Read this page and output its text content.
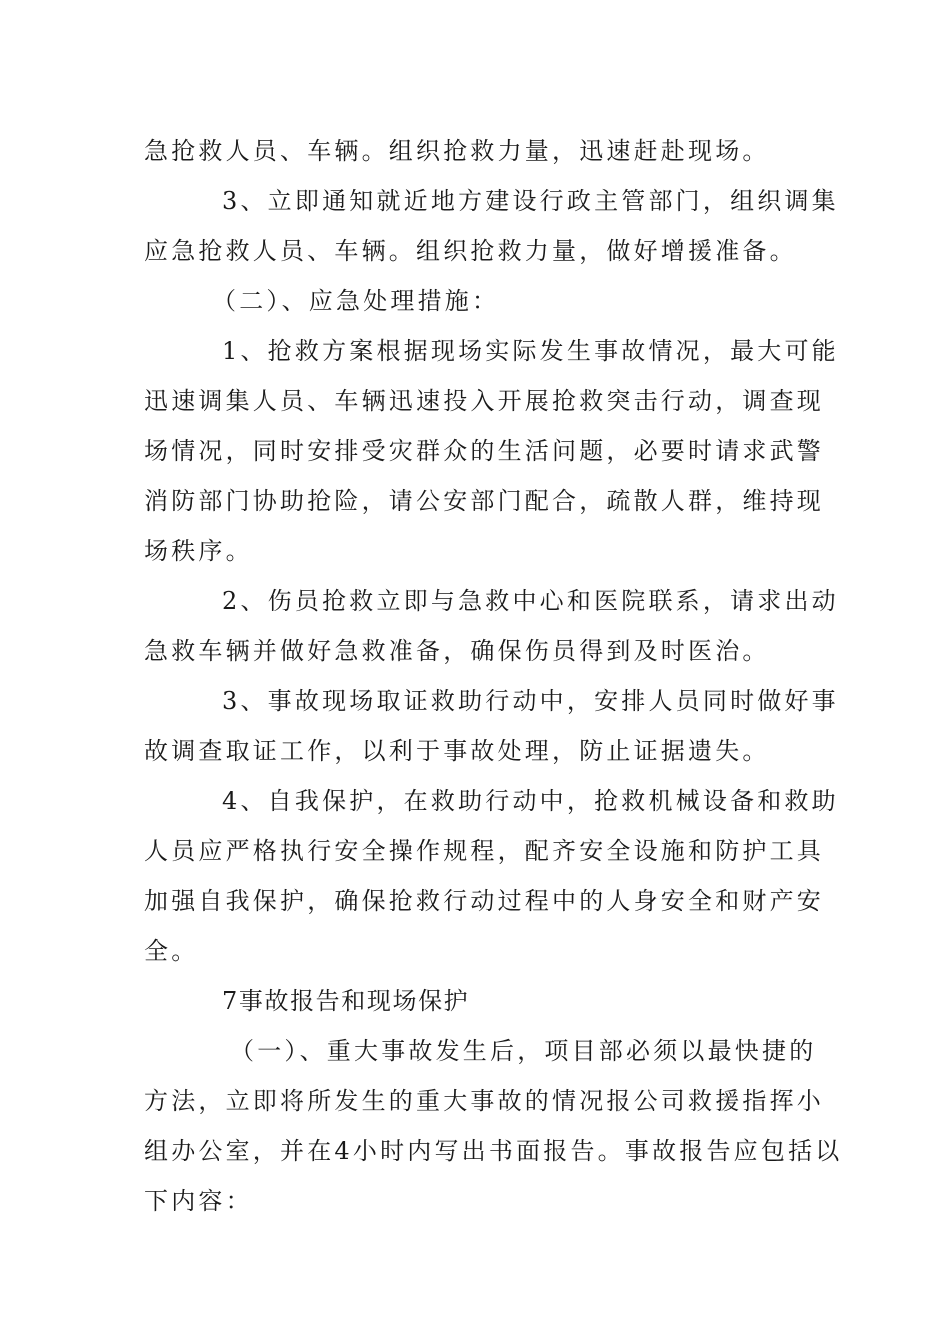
急抢救人员、车辆。组织抢救力量，迅速赶赴现场。
3、立即通知就近地方建设行政主管部门，组织调集
应急抢救人员、车辆。组织抢救力量，做好增援准备。
（二）、应急处理措施：
1、抢救方案根据现场实际发生事故情况，最大可能
迅速调集人员、车辆迅速投入开展抢救突击行动，调查现
场情况，同时安排受灾群众的生活问题，必要时请求武警
消防部门协助抢险，请公安部门配合，疏散人群，维持现
场秩序。
2、伤员抢救立即与急救中心和医院联系，请求出动
急救车辆并做好急救准备，确保伤员得到及时医治。
3、事故现场取证救助行动中，安排人员同时做好事
故调查取证工作，以利于事故处理，防止证据遗失。
4、自我保护，在救助行动中，抢救机械设备和救助
人员应严格执行安全操作规程，配齐安全设施和防护工具
加强自我保护，确保抢救行动过程中的人身安全和财产安
全。
7事故报告和现场保护
（一）、重大事故发生后，项目部必须以最快捷的
方法，立即将所发生的重大事故的情况报公司救援指挥小
组办公室，并在4小时内写出书面报告。事故报告应包括以
下内容：
